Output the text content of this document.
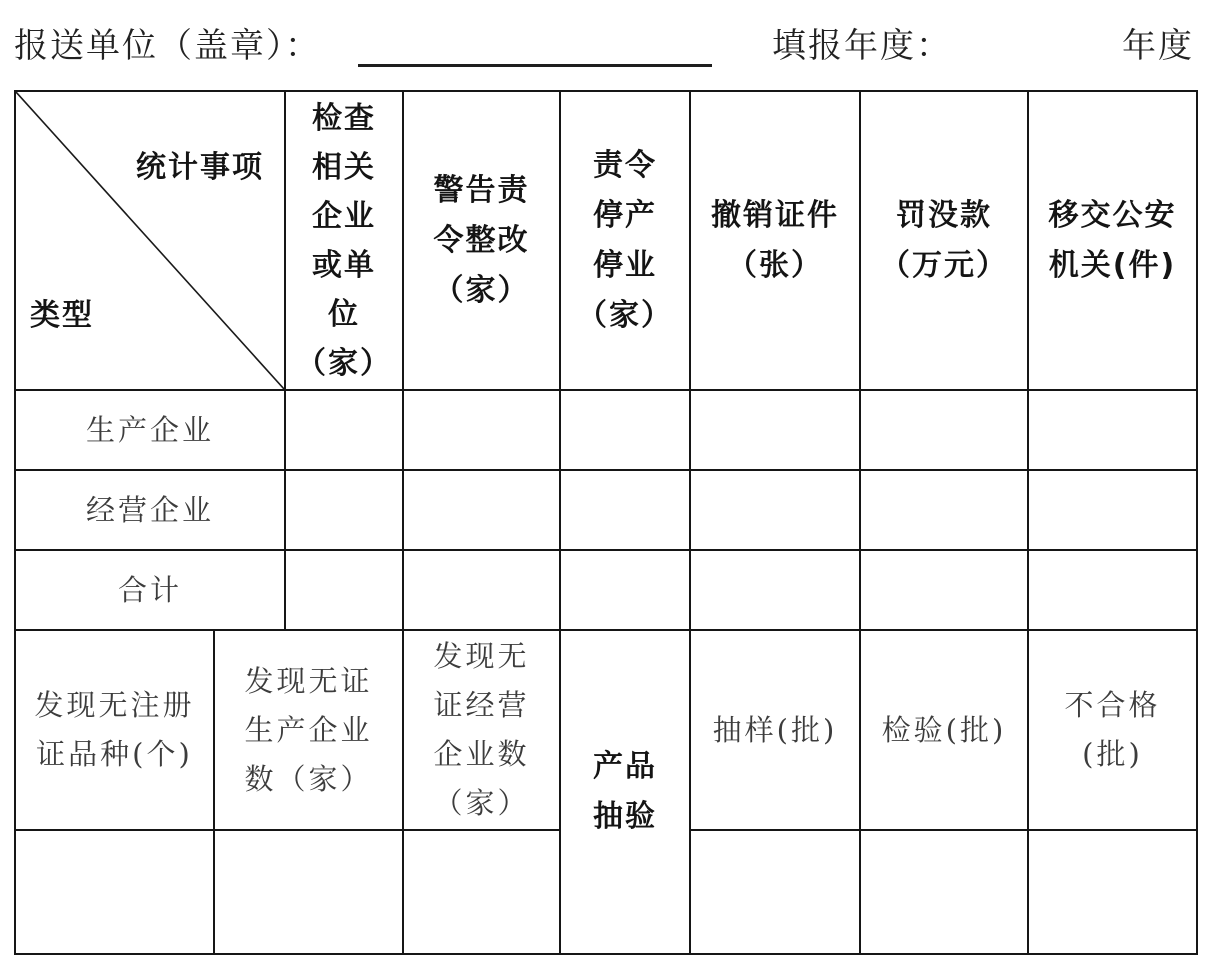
报送单位（盖章）：	填报年度：	年度
统计事项
类型
检查
相关
企业
或单
位
（家）
警告责
令整改
（家）
责令
停产
停业
（家）
撤销证件
（张）
罚没款
（万元）
移交公安
机关(件)
生产企业
经营企业
合计
发现无注册
证品种(个)
发现无证
生产企业
数（家）
发现无
证经营
企业数
（家）
产品
抽验
抽样(批) 检验(批)
不合格
(批)
